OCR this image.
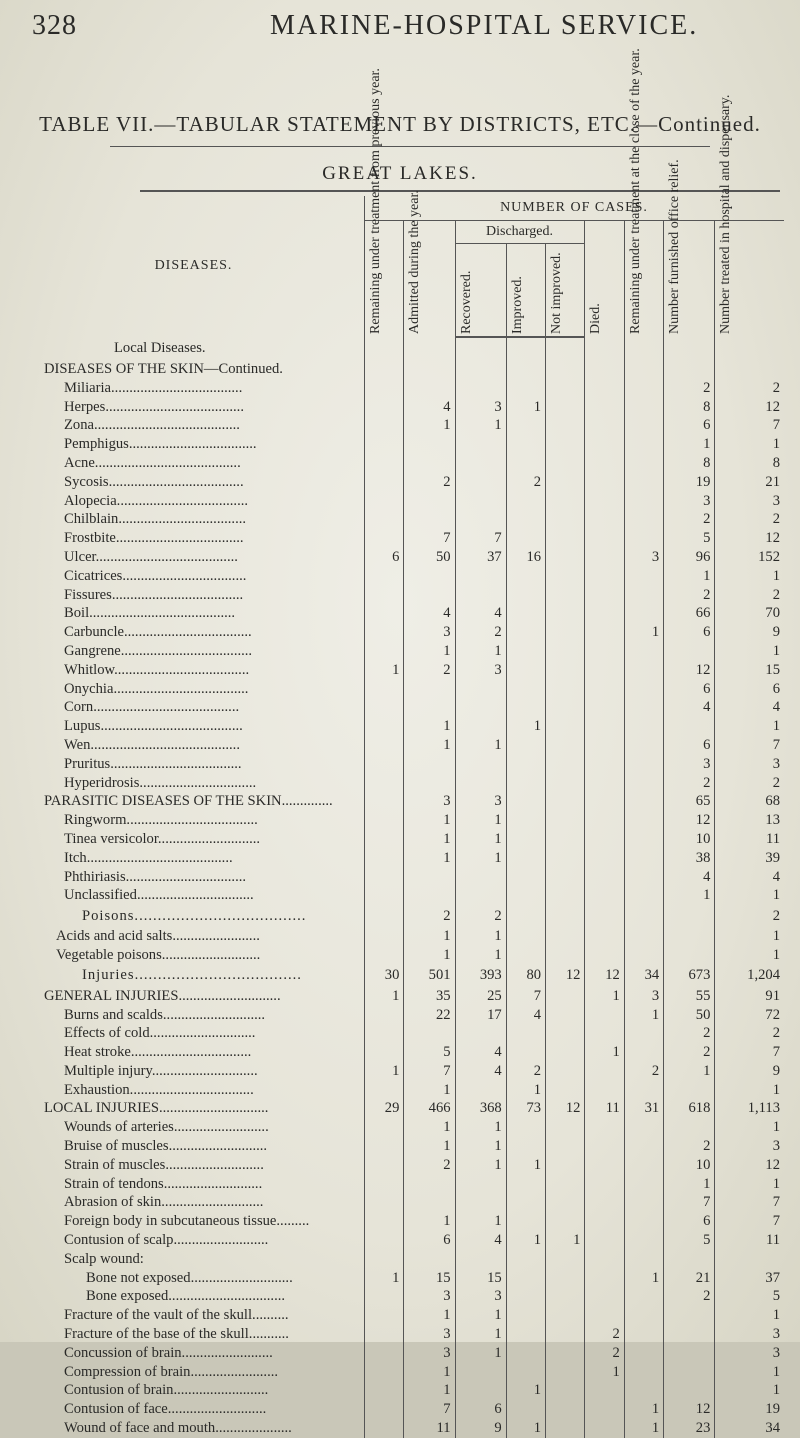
328	MARINE-HOSPITAL SERVICE.
TABLE VII.—TABULAR STATEMENT BY DISTRICTS, ETC.—Continued.
GREAT LAKES.
DISEASES.	NUMBER OF CASES.								

	Remaining under treatment from previous year.	Admitted during the year.	Discharged.			Died.	Remaining under treatment at the close of the year.	Number furnished office relief.	Number treated in hospital and dispensary.

			Recovered.	Improved.	Not improved.				

Local Diseases.									
DISEASES OF THE SKIN—Continued.									
Miliaria....................................								2	2
Herpes......................................		4	3	1				8	12
Zona........................................		1	1					6	7
Pemphigus...................................								1	1
Acne........................................								8	8
Sycosis.....................................		2		2				19	21
Alopecia....................................								3	3
Chilblain...................................								2	2
Frostbite...................................		7	7					5	12
Ulcer.......................................	6	50	37	16			3	96	152
Cicatrices..................................								1	1
Fissures....................................								2	2
Boil........................................		4	4					66	70
Carbuncle...................................		3	2				1	6	9
Gangrene....................................		1	1						1
Whitlow.....................................	1	2	3					12	15
Onychia.....................................								6	6
Corn........................................								4	4
Lupus.......................................		1		1					1
Wen.........................................		1	1					6	7
Pruritus....................................								3	3
Hyperidrosis................................								2	2
PARASITIC DISEASES OF THE SKIN..............		3	3					65	68
Ringworm....................................		1	1					12	13
Tinea versicolor............................		1	1					10	11
Itch........................................		1	1					38	39
Phthiriasis.................................								4	4
Unclassified................................								1	1
Poisons.....................................		2	2						2
Acids and acid salts........................		1	1						1
Vegetable poisons...........................		1	1						1
Injuries....................................	30	501	393	80	12	12	34	673	1,204
GENERAL INJURIES............................	1	35	25	7		1	3	55	91
Burns and scalds............................		22	17	4			1	50	72
Effects of cold.............................								2	2
Heat stroke.................................		5	4			1		2	7
Multiple injury.............................	1	7	4	2			2	1	9
Exhaustion..................................		1		1					1
LOCAL INJURIES..............................	29	466	368	73	12	11	31	618	1,113
Wounds of arteries..........................		1	1						1
Bruise of muscles...........................		1	1					2	3
Strain of muscles...........................		2	1	1				10	12
Strain of tendons...........................								1	1
Abrasion of skin............................								7	7
Foreign body in subcutaneous tissue.........		1	1					6	7
Contusion of scalp..........................		6	4	1	1			5	11
Scalp wound:									
Bone not exposed............................	1	15	15				1	21	37
Bone exposed................................		3	3					2	5
Fracture of the vault of the skull..........		1	1						1
Fracture of the base of the skull...........		3	1			2			3
Concussion of brain.........................		3	1			2			3
Compression of brain........................		1				1			1
Contusion of brain..........................		1		1					1
Contusion of face...........................		7	6				1	12	19
Wound of face and mouth.....................		11	9	1			1	23	34
